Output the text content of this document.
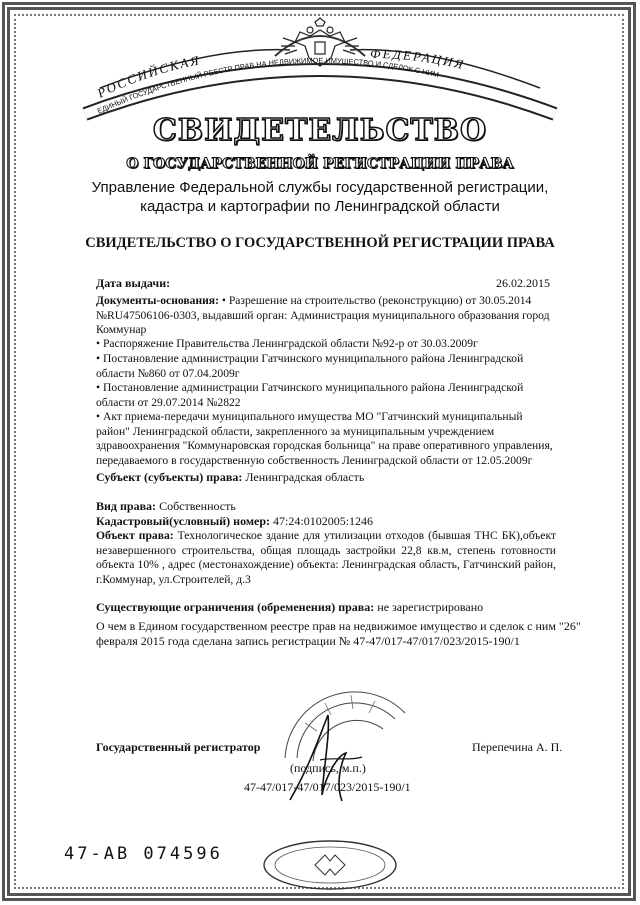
РОССИЙСКАЯ	ФЕДЕРАЦИЯ
ЕДИНЫЙ ГОСУДАРСТВЕННЫЙ РЕЕСТР ПРАВ НА НЕДВИЖИМОЕ ИМУЩЕСТВО И СДЕЛОК С НИМ
СВИДЕТЕЛЬСТВО
О ГОСУДАРСТВЕННОЙ РЕГИСТРАЦИИ ПРАВА
Управление Федеральной службы государственной регистрации,
кадастра и картографии по Ленинградской области
СВИДЕТЕЛЬСТВО О ГОСУДАРСТВЕННОЙ РЕГИСТРАЦИИ ПРАВА
Дата выдачи:	26.02.2015
Документы-основания: • Разрешение на строительство (реконструкцию) от 30.05.2014 №RU47506106-0303, выдавший орган: Администрация муниципального образования город Коммунар
• Распоряжение Правительства Ленинградской области №92-р от 30.03.2009г
• Постановление администрации Гатчинского муниципального района Ленинградской области №860 от 07.04.2009г
• Постановление администрации Гатчинского муниципального района Ленинградской области от 29.07.2014 №2822
• Акт приема-передачи муниципального имущества МО "Гатчинский муниципальный район" Ленинградской области, закрепленного за муниципальным учреждением здравоохранения "Коммунаровская городская больница" на праве оперативного управления, передаваемого в государственную собственность Ленинградской области от 12.05.2009г
Субъект (субъекты) права: Ленинградская область
Вид права: Собственность
Кадастровый(условный) номер: 47:24:0102005:1246
Объект права: Технологическое здание для утилизации отходов (бывшая ТНС БК),объект незавершенного строительства, общая площадь застройки 22,8 кв.м, степень готовности объекта 10% , адрес (местонахождение) объекта: Ленинградская область, Гатчинский район, г.Коммунар, ул.Строителей, д.3
Существующие ограничения (обременения) права: не зарегистрировано
О чем в Едином государственном реестре прав на недвижимое имущество и сделок с ним "26"
февраля 2015 года сделана запись регистрации № 47-47/017-47/017/023/2015-190/1
Государственный регистратор	Перепечина А. П.
(подпись, м.п.)
47-47/017-47/017/023/2015-190/1
47-АВ 074596
